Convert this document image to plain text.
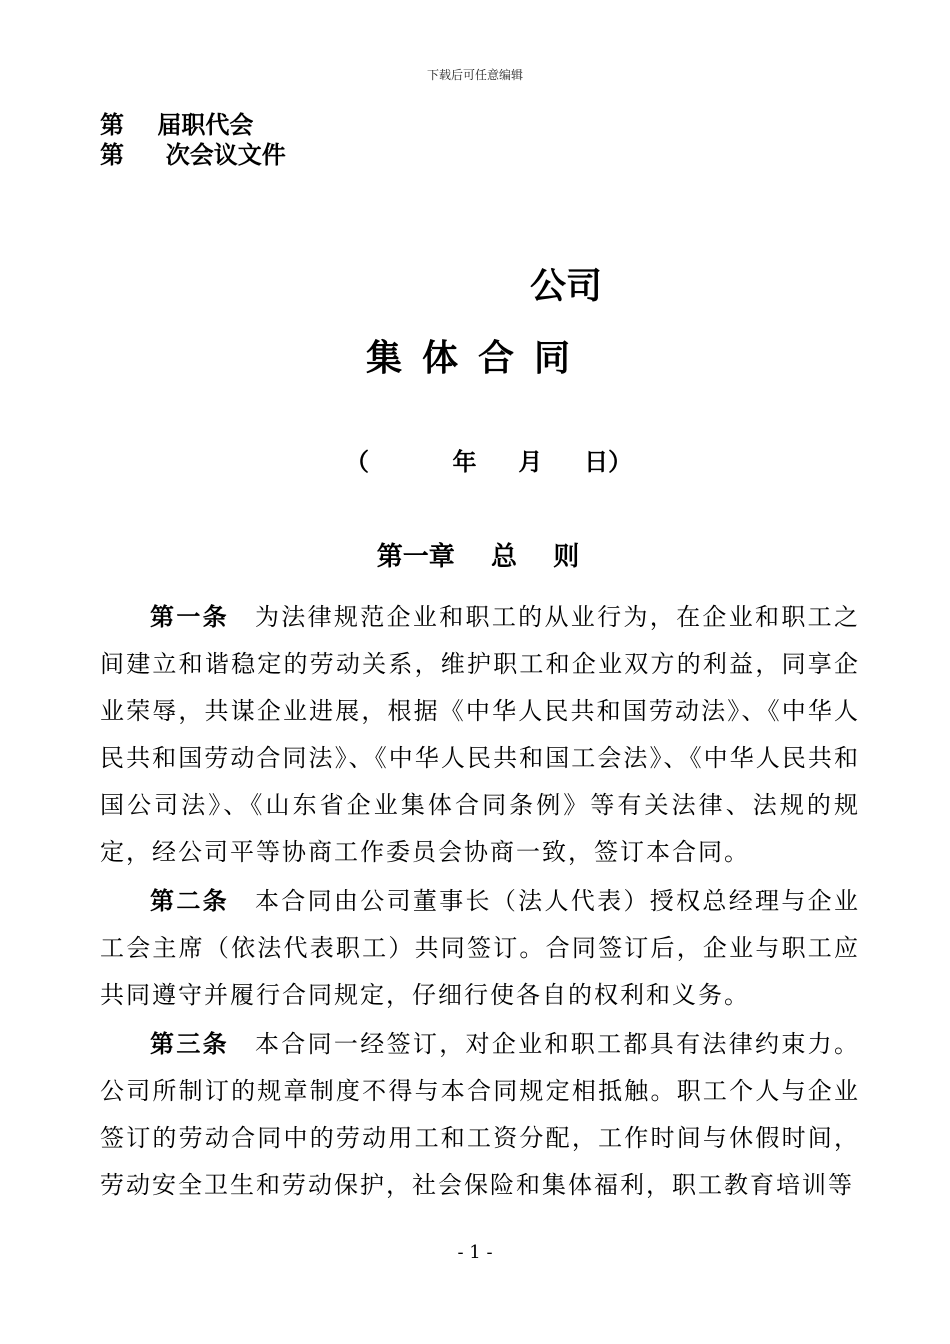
下载后可任意编辑
第    届职代会
第     次会议文件
公司
集体合同
（          年     月     日）
第一章    总    则

第一条 为法律规范企业和职工的从业行为，在企业和职工之间建立和谐稳定的劳动关系，维护职工和企业双方的利益，同享企业荣辱，共谋企业进展，根据《中华人民共和国劳动法》、《中华人民共和国劳动合同法》、《中华人民共和国工会法》、《中华人民共和国公司法》、《山东省企业集体合同条例》等有关法律、法规的规定，经公司平等协商工作委员会协商一致，签订本合同。

第二条 本合同由公司董事长（法人代表）授权总经理与企业工会主席（依法代表职工）共同签订。合同签订后，企业与职工应共同遵守并履行合同规定，仔细行使各自的权利和义务。

第三条 本合同一经签订，对企业和职工都具有法律约束力。公司所制订的规章制度不得与本合同规定相抵触。职工个人与企业签订的劳动合同中的劳动用工和工资分配，工作时间与休假时间，劳动安全卫生和劳动保护，社会保险和集体福利，职工教育培训等

- 1 -
